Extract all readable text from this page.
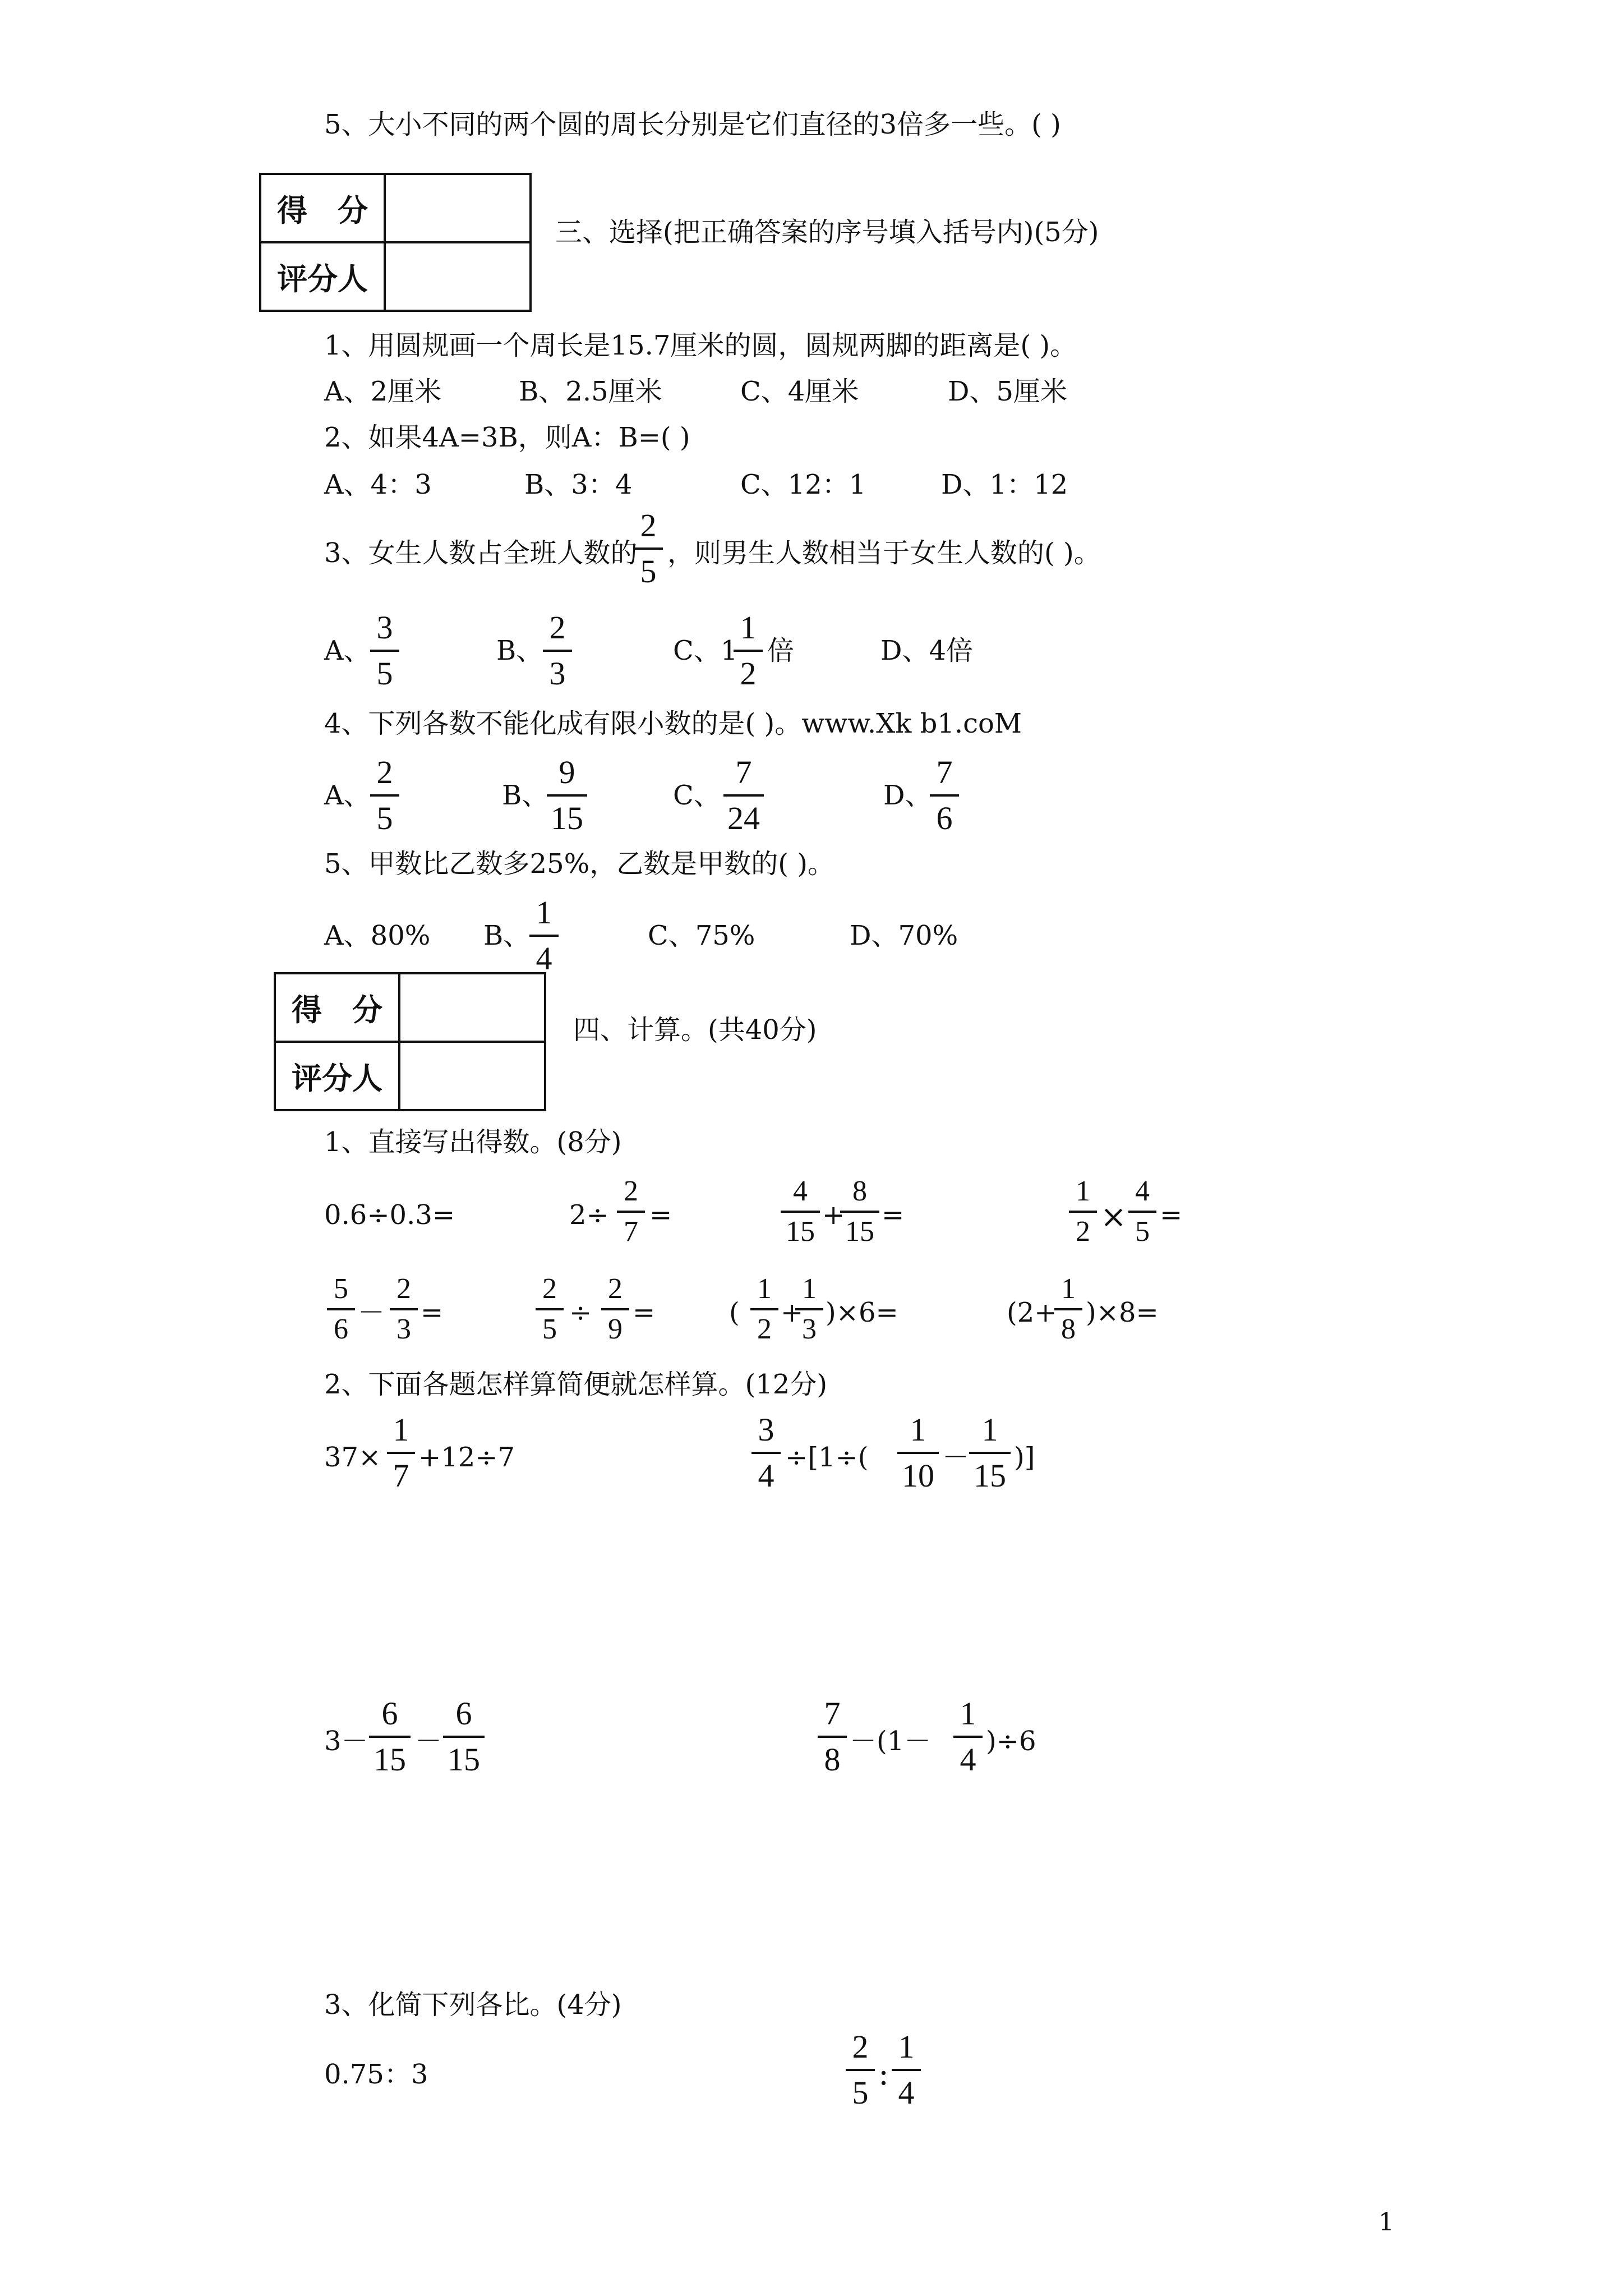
5、大小不同的两个圆的周长分别是它们直径的3倍多一些。( )
得　分	
评分人	
三、选择(把正确答案的序号填入括号内)(5分)
1、用圆规画一个周长是15.7厘米的圆，圆规两脚的距离是( )。
A、2厘米	B、2.5厘米	C、4厘米	D、5厘米
2、如果4A=3B，则A：B=( )
A、4：3	B、3：4	C、12：1	D、1：12
3、女生人数占全班人数的
2
5 ，则男生人数相当于女生人数的( )。
A、
3
5
B、
2
3
C、1
1
2
倍	D、4倍
4、下列各数不能化成有限小数的是( )。www.Xk b1.coM
A、
2
5
B、
9
15
C、
7
24
D、
7
6
5、甲数比乙数多25%，乙数是甲数的( )。
A、80% B、
1
4
C、75%	D、70%
得　分	
评分人	
四、计算。(共40分)
1、直接写出得数。(8分)
0.6÷0.3=	2÷
2
7
=
4
15
+
8
15
=
1
2 ×
4
5
=
5
6
－
2
3
=
2
5
÷
2
9
=	(
1
2
+
1
3
)×6=	(2+
1
8
)×8=
2、下面各题怎样算简便就怎样算。(12分)
37×
1
7 +12÷7
3
4 ÷[1÷(
1
10 －
1
15 )]
3－
6
15 －
6
15
7
8 －(1－
1
4 )÷6
3、化简下列各比。(4分)
0.75：3
2
5
:
1
4
1
